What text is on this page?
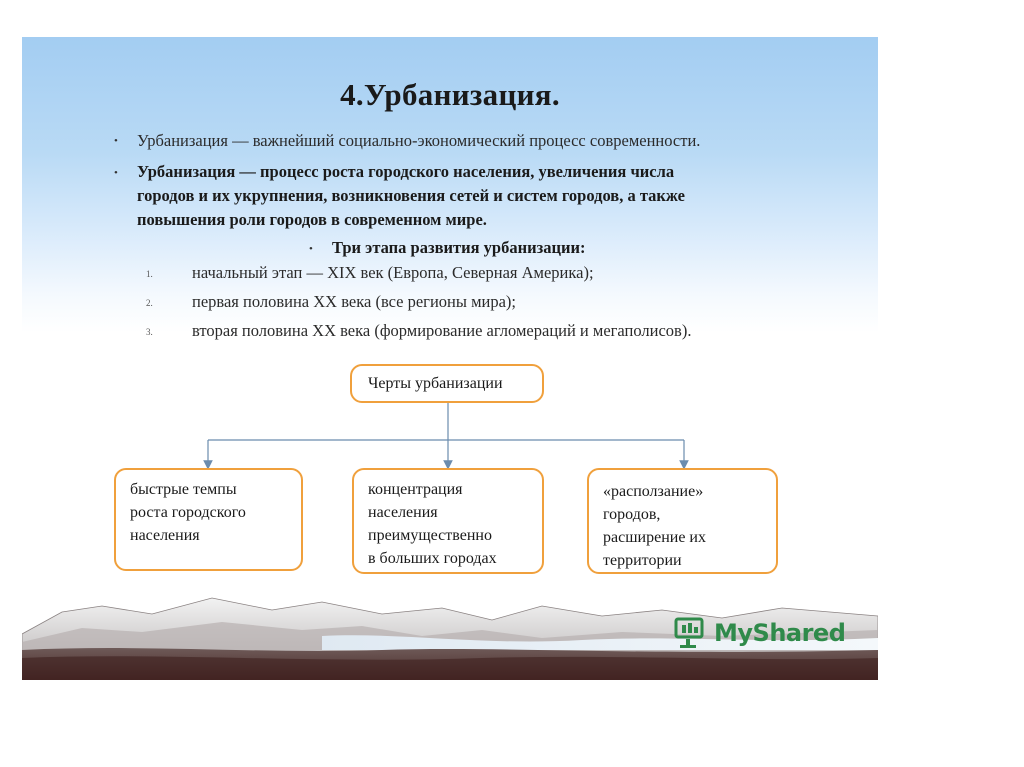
4.Урбанизация.
• Урбанизация — важнейший социально-экономический процесс современности.
• Урбанизация — процесс роста городского населения, увеличения числа
городов и их укрупнения, возникновения сетей и систем городов, а также
повышения роли городов в современном мире.
• Три этапа развития урбанизации:
1. начальный этап — XIX век (Европа, Северная Америка);
2. первая половина XX века (все регионы мира);
3. вторая половина XX века (формирование агломераций и мегаполисов).
Черты урбанизации
быстрые темпы
роста городского
населения
концентрация
населения
преимущественно
в больших городах
«расползание»
городов,
расширение их
территории
MyShared
